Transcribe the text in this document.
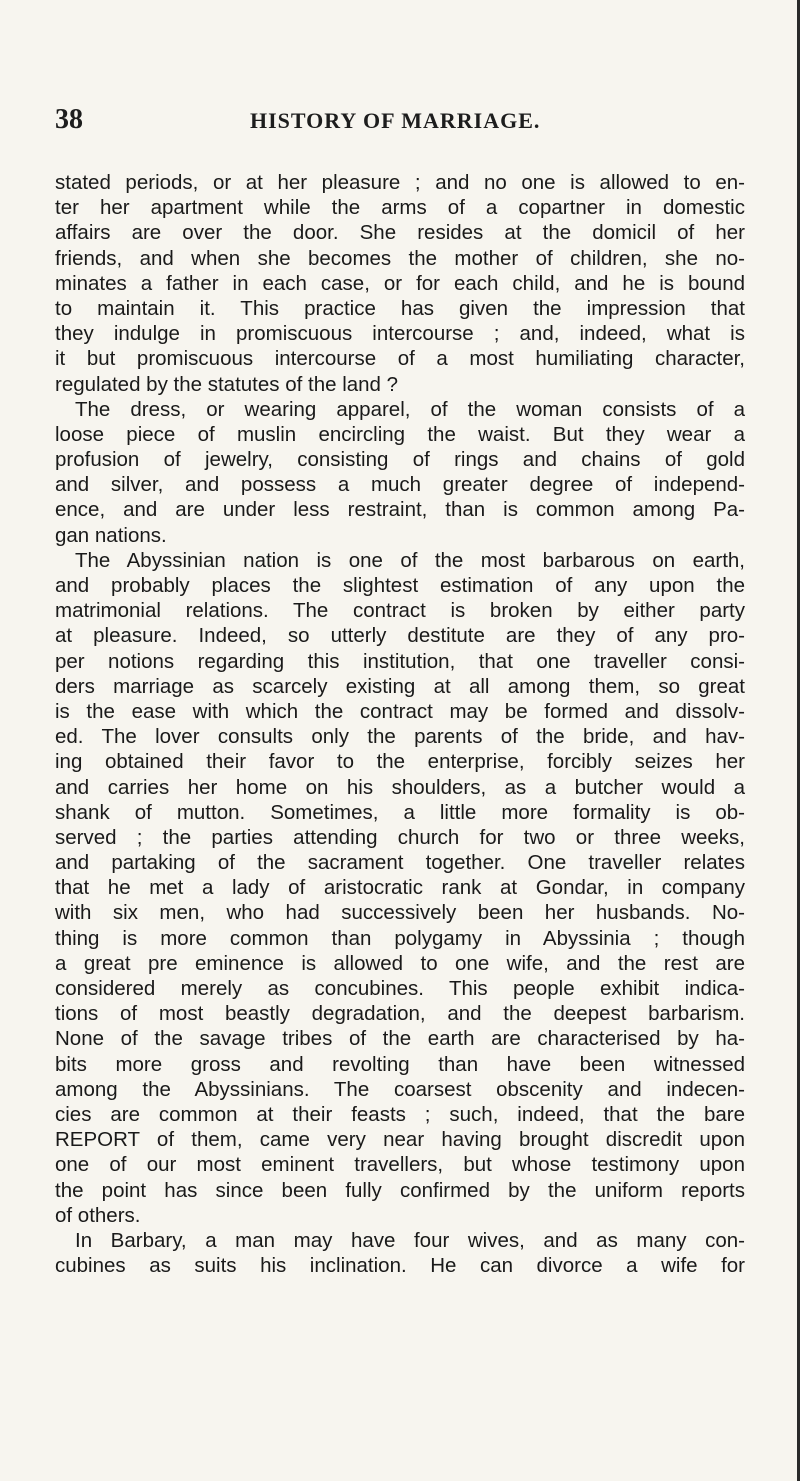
38	HISTORY OF MARRIAGE.
stated periods, or at her pleasure ; and no one is allowed to en-
ter her apartment while the arms of a copartner in domestic
affairs are over the door. She resides at the domicil of her
friends, and when she becomes the mother of children, she no-
minates a father in each case, or for each child, and he is bound
to maintain it. This practice has given the impression that
they indulge in promiscuous intercourse ; and, indeed, what is
it but promiscuous intercourse of a most humiliating character,
regulated by the statutes of the land ?
The dress, or wearing apparel, of the woman consists of a
loose piece of muslin encircling the waist. But they wear a
profusion of jewelry, consisting of rings and chains of gold
and silver, and possess a much greater degree of independ-
ence, and are under less restraint, than is common among Pa-
gan nations.
The Abyssinian nation is one of the most barbarous on earth,
and probably places the slightest estimation of any upon the
matrimonial relations. The contract is broken by either party
at pleasure. Indeed, so utterly destitute are they of any pro-
per notions regarding this institution, that one traveller consi-
ders marriage as scarcely existing at all among them, so great
is the ease with which the contract may be formed and dissolv-
ed. The lover consults only the parents of the bride, and hav-
ing obtained their favor to the enterprise, forcibly seizes her
and carries her home on his shoulders, as a butcher would a
shank of mutton. Sometimes, a little more formality is ob-
served ; the parties attending church for two or three weeks,
and partaking of the sacrament together. One traveller relates
that he met a lady of aristocratic rank at Gondar, in company
with six men, who had successively been her husbands. No-
thing is more common than polygamy in Abyssinia ; though
a great pre eminence is allowed to one wife, and the rest are
considered merely as concubines. This people exhibit indica-
tions of most beastly degradation, and the deepest barbarism.
None of the savage tribes of the earth are characterised by ha-
bits more gross and revolting than have been witnessed
among the Abyssinians. The coarsest obscenity and indecen-
cies are common at their feasts ; such, indeed, that the bare
REPORT of them, came very near having brought discredit upon
one of our most eminent travellers, but whose testimony upon
the point has since been fully confirmed by the uniform reports
of others.
In Barbary, a man may have four wives, and as many con-
cubines as suits his inclination. He can divorce a wife for
